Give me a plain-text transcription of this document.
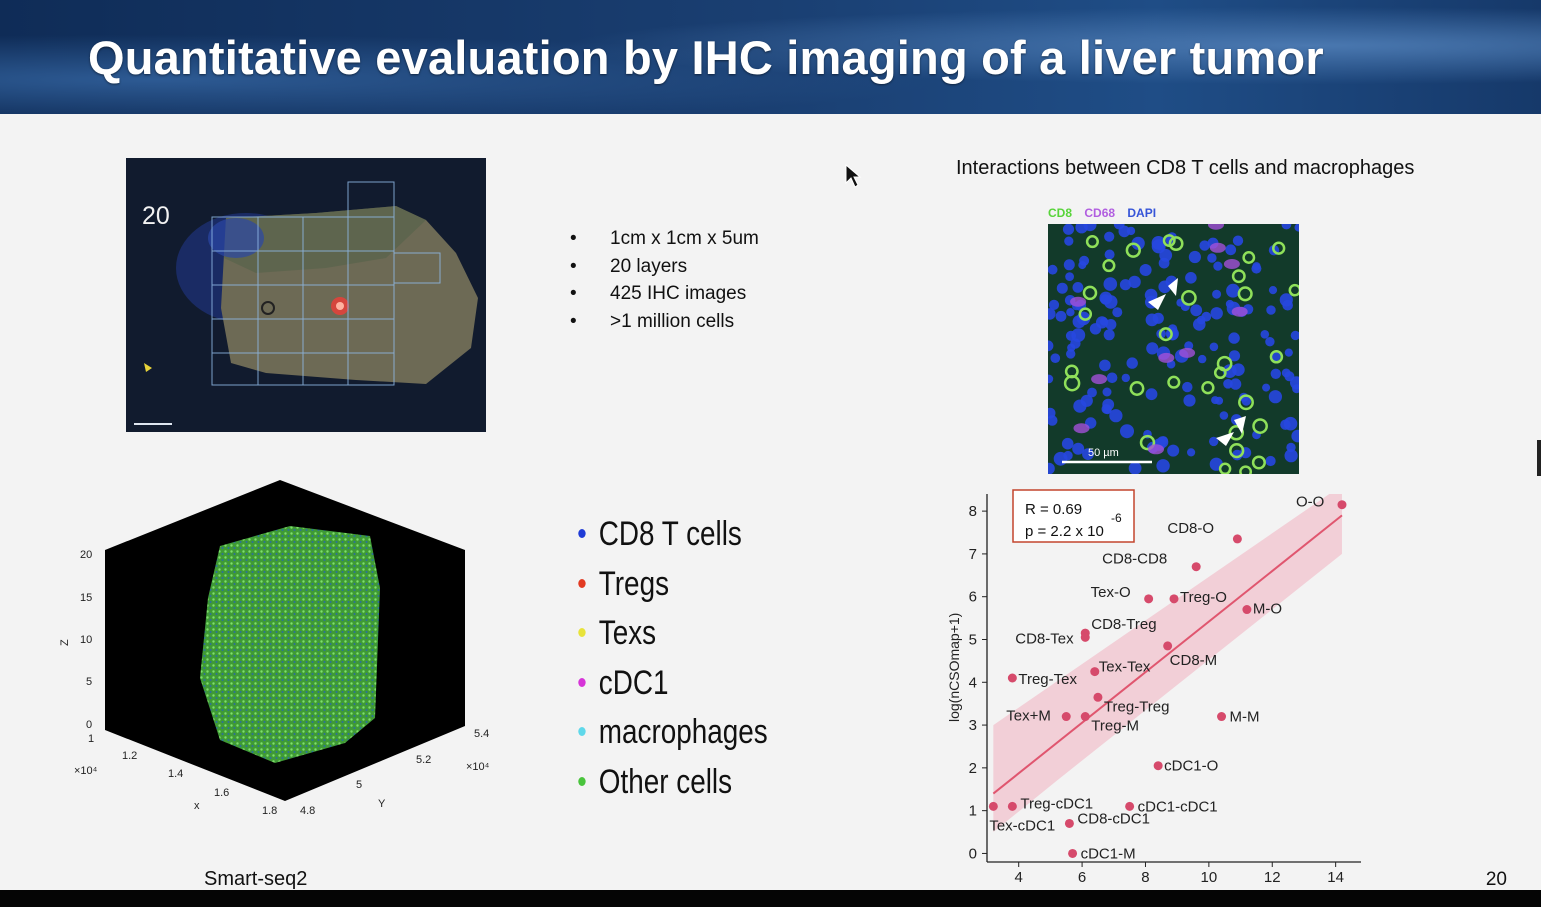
Quantitative evaluation by IHC imaging of a liver tumor
20
• 1cm x 1cm x 5um
• 20 layers
• 425 IHC images
• >1 million cells
20
15
10
5
0
Z
1
1.2
1.4
1.6
1.8
×10⁴
x	4.8
5
5.2
5.4
×10⁴
Y
CD8 T cells
Tregs
Texs
cDC1
macrophages
Other cells
Smart-seq2
Interactions between CD8 T cells and macrophages
CD8 CD68 DAPI
50 µm
0
1
2
3
4
5
6
7
8
4	6	8	10	12	14
log(nCSOmap+1)
R = 0.69
p = 2.2 x 10
-6
O-O
CD8-O
CD8-CD8
Tex-O	Treg-O
M-O
CD8-Treg
CD8-Tex
CD8-M
Treg-Tex
Tex-Tex
Treg-Treg
Tex+M
Treg-M
M-M
cDC1-O
Treg-cDC1
Tex-cDC1
cDC1-cDC1
CD8-cDC1
cDC1-M
20
